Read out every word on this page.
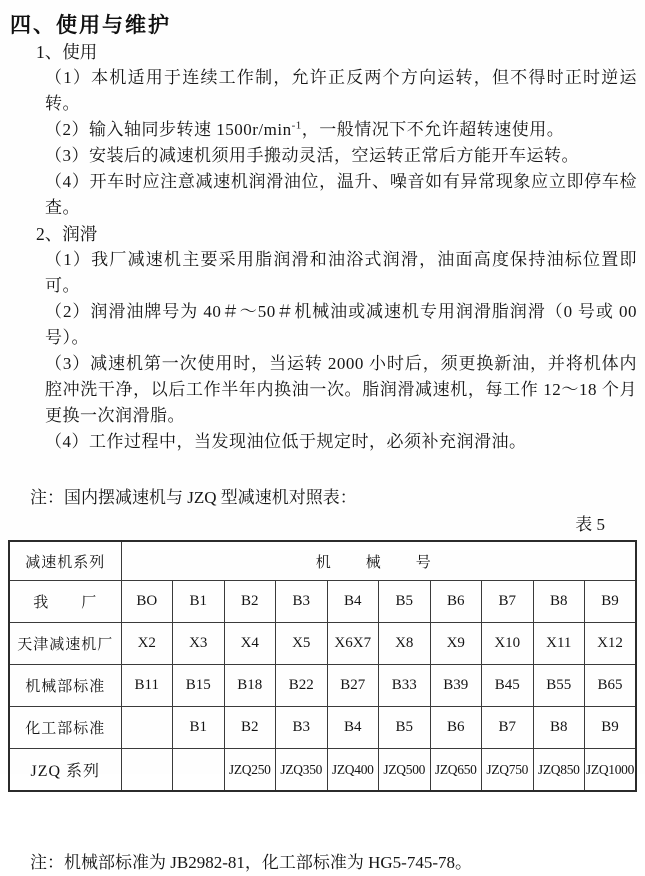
四、使用与维护
1、使用

（1）本机适用于连续工作制，允许正反两个方向运转，但不得时正时逆运转。

（2）输入轴同步转速 $1500r/\min^{-1}$，一般情况下不允许超转速使用。

（3）安装后的减速机须用手搬动灵活，空运转正常后方能开车运转。

（4）开车时应注意减速机润滑油位，温升、噪音如有异常现象应立即停车检查。

2、润滑

（1）我厂减速机主要采用脂润滑和油浴式润滑，油面高度保持油标位置即可。

（2）润滑油牌号为 40＃～50＃机械油或减速机专用润滑脂润滑（0 号或 00 号）。

（3）减速机第一次使用时，当运转 2000 小时后，须更换新油，并将机体内腔冲洗干净，以后工作半年内换油一次。脂润滑减速机，每工作 12～18 个月更换一次润滑脂。

（4）工作过程中，当发现油位低于规定时，必须补充润滑油。

注：国内摆减速机与 JZQ 型减速机对照表：
表 5
减速机系列	机　械　号									
我　　厂	BO	B1	B2	B3	B4	B5	B6	B7	B8	B9
天津减速机厂	X2	X3	X4	X5	X6X7	X8	X9	X10	X11	X12
机械部标准	B11	B15	B18	B22	B27	B33	B39	B45	B55	B65
化工部标准		B1	B2	B3	B4	B5	B6	B7	B8	B9
JZQ 系列			JZQ250	JZQ350	JZQ400	JZQ500	JZQ650	JZQ750	JZQ850	JZQ1000
注：机械部标准为 JB2982-81，化工部标准为 HG5-745-78。
